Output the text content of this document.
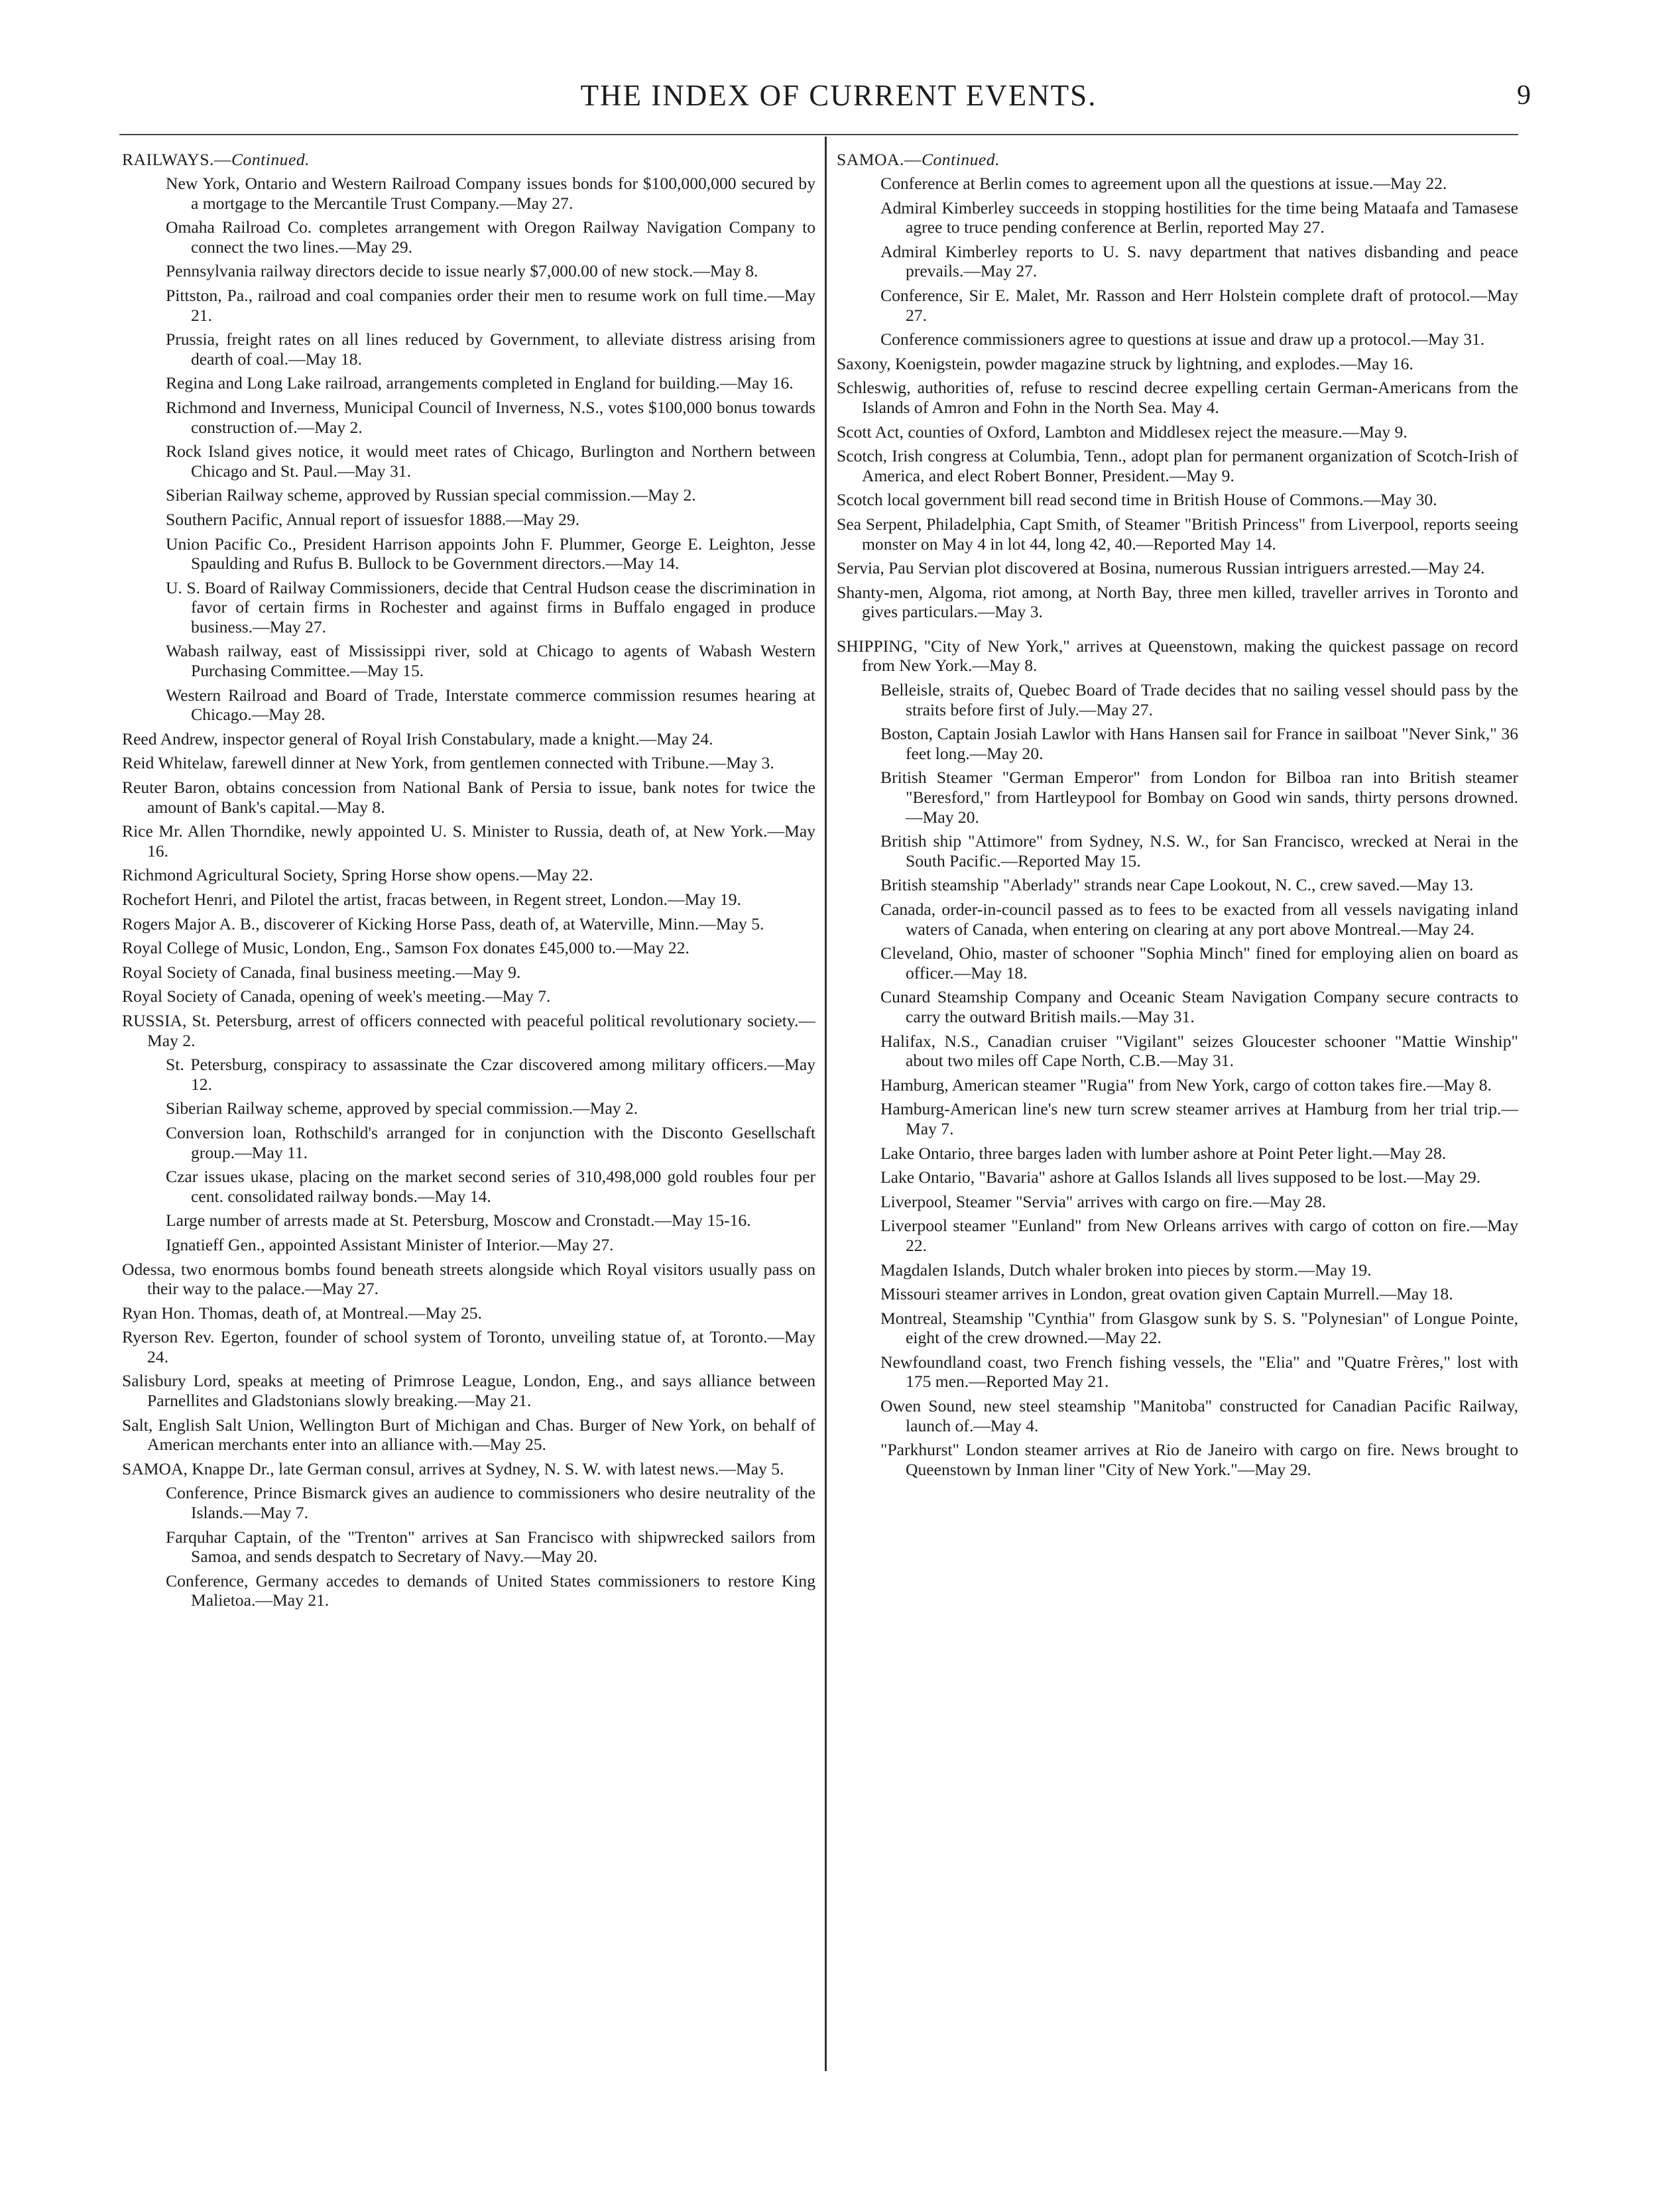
THE INDEX OF CURRENT EVENTS.	9
RAILWAYS.—Continued.

New York, Ontario and Western Railroad Company issues bonds for $100,000,000 secured by a mortgage to the Mercantile Trust Company.—May 27.

Omaha Railroad Co. completes arrangement with Oregon Railway Navigation Company to connect the two lines.—May 29.

Pennsylvania railway directors decide to issue nearly $7,000.00 of new stock.—May 8.

Pittston, Pa., railroad and coal companies order their men to resume work on full time.—May 21.

Prussia, freight rates on all lines reduced by Government, to alleviate distress arising from dearth of coal.—May 18.

Regina and Long Lake railroad, arrangements completed in England for building.—May 16.

Richmond and Inverness, Municipal Council of Inverness, N.S., votes $100,000 bonus towards construction of.—May 2.

Rock Island gives notice, it would meet rates of Chicago, Burlington and Northern between Chicago and St. Paul.—May 31.

Siberian Railway scheme, approved by Russian special commission.—May 2.

Southern Pacific, Annual report of issuesfor 1888.—May 29.

Union Pacific Co., President Harrison appoints John F. Plummer, George E. Leighton, Jesse Spaulding and Rufus B. Bullock to be Government directors.—May 14.

U. S. Board of Railway Commissioners, decide that Central Hudson cease the discrimination in favor of certain firms in Rochester and against firms in Buffalo engaged in produce business.—May 27.

Wabash railway, east of Mississippi river, sold at Chicago to agents of Wabash Western Purchasing Committee.—May 15.

Western Railroad and Board of Trade, Interstate commerce commission resumes hearing at Chicago.—May 28.

Reed Andrew, inspector general of Royal Irish Constabulary, made a knight.—May 24.

Reid Whitelaw, farewell dinner at New York, from gentlemen connected with Tribune.—May 3.

Reuter Baron, obtains concession from National Bank of Persia to issue, bank notes for twice the amount of Bank's capital.—May 8.

Rice Mr. Allen Thorndike, newly appointed U. S. Minister to Russia, death of, at New York.—May 16.

Richmond Agricultural Society, Spring Horse show opens.—May 22.

Rochefort Henri, and Pilotel the artist, fracas between, in Regent street, London.—May 19.

Rogers Major A. B., discoverer of Kicking Horse Pass, death of, at Waterville, Minn.—May 5.

Royal College of Music, London, Eng., Samson Fox donates £45,000 to.—May 22.

Royal Society of Canada, final business meeting.—May 9.

Royal Society of Canada, opening of week's meeting.—May 7.

RUSSIA, St. Petersburg, arrest of officers connected with peaceful political revolutionary society.—May 2.

St. Petersburg, conspiracy to assassinate the Czar discovered among military officers.—May 12.

Siberian Railway scheme, approved by special commission.—May 2.

Conversion loan, Rothschild's arranged for in conjunction with the Disconto Gesellschaft group.—May 11.

Czar issues ukase, placing on the market second series of 310,498,000 gold roubles four per cent. consolidated railway bonds.—May 14.

Large number of arrests made at St. Petersburg, Moscow and Cronstadt.—May 15-16.

Ignatieff Gen., appointed Assistant Minister of Interior.—May 27.

Odessa, two enormous bombs found beneath streets alongside which Royal visitors usually pass on their way to the palace.—May 27.

Ryan Hon. Thomas, death of, at Montreal.—May 25.

Ryerson Rev. Egerton, founder of school system of Toronto, unveiling statue of, at Toronto.—May 24.

Salisbury Lord, speaks at meeting of Primrose League, London, Eng., and says alliance between Parnellites and Gladstonians slowly breaking.—May 21.

Salt, English Salt Union, Wellington Burt of Michigan and Chas. Burger of New York, on behalf of American merchants enter into an alliance with.—May 25.

SAMOA, Knappe Dr., late German consul, arrives at Sydney, N. S. W. with latest news.—May 5.

Conference, Prince Bismarck gives an audience to commissioners who desire neutrality of the Islands.—May 7.

Farquhar Captain, of the "Trenton" arrives at San Francisco with shipwrecked sailors from Samoa, and sends despatch to Secretary of Navy.—May 20.

Conference, Germany accedes to demands of United States commissioners to restore King Malietoa.—May 21.

SAMOA.—Continued.

Conference at Berlin comes to agreement upon all the questions at issue.—May 22.

Admiral Kimberley succeeds in stopping hostilities for the time being Mataafa and Tamasese agree to truce pending conference at Berlin, reported May 27.

Admiral Kimberley reports to U. S. navy department that natives disbanding and peace prevails.—May 27.

Conference, Sir E. Malet, Mr. Rasson and Herr Holstein complete draft of protocol.—May 27.

Conference commissioners agree to questions at issue and draw up a protocol.—May 31.

Saxony, Koenigstein, powder magazine struck by lightning, and explodes.—May 16.

Schleswig, authorities of, refuse to rescind decree expelling certain German-Americans from the Islands of Amron and Fohn in the North Sea. May 4.

Scott Act, counties of Oxford, Lambton and Middlesex reject the measure.—May 9.

Scotch, Irish congress at Columbia, Tenn., adopt plan for permanent organization of Scotch-Irish of America, and elect Robert Bonner, President.—May 9.

Scotch local government bill read second time in British House of Commons.—May 30.

Sea Serpent, Philadelphia, Capt Smith, of Steamer "British Princess" from Liverpool, reports seeing monster on May 4 in lot 44, long 42, 40.—Reported May 14.

Servia, Pau Servian plot discovered at Bosina, numerous Russian intriguers arrested.—May 24.

Shanty-men, Algoma, riot among, at North Bay, three men killed, traveller arrives in Toronto and gives particulars.—May 3.

SHIPPING, "City of New York," arrives at Queenstown, making the quickest passage on record from New York.—May 8.

Belleisle, straits of, Quebec Board of Trade decides that no sailing vessel should pass by the straits before first of July.—May 27.

Boston, Captain Josiah Lawlor with Hans Hansen sail for France in sailboat "Never Sink," 36 feet long.—May 20.

British Steamer "German Emperor" from London for Bilboa ran into British steamer "Beresford," from Hartleypool for Bombay on Good win sands, thirty persons drowned.—May 20.

British ship "Attimore" from Sydney, N.S. W., for San Francisco, wrecked at Nerai in the South Pacific.—Reported May 15.

British steamship "Aberlady" strands near Cape Lookout, N. C., crew saved.—May 13.

Canada, order-in-council passed as to fees to be exacted from all vessels navigating inland waters of Canada, when entering on clearing at any port above Montreal.—May 24.

Cleveland, Ohio, master of schooner "Sophia Minch" fined for employing alien on board as officer.—May 18.

Cunard Steamship Company and Oceanic Steam Navigation Company secure contracts to carry the outward British mails.—May 31.

Halifax, N.S., Canadian cruiser "Vigilant" seizes Gloucester schooner "Mattie Winship" about two miles off Cape North, C.B.—May 31.

Hamburg, American steamer "Rugia" from New York, cargo of cotton takes fire.—May 8.

Hamburg-American line's new turn screw steamer arrives at Hamburg from her trial trip.—May 7.

Lake Ontario, three barges laden with lumber ashore at Point Peter light.—May 28.

Lake Ontario, "Bavaria" ashore at Gallos Islands all lives supposed to be lost.—May 29.

Liverpool, Steamer "Servia" arrives with cargo on fire.—May 28.

Liverpool steamer "Eunland" from New Orleans arrives with cargo of cotton on fire.—May 22.

Magdalen Islands, Dutch whaler broken into pieces by storm.—May 19.

Missouri steamer arrives in London, great ovation given Captain Murrell.—May 18.

Montreal, Steamship "Cynthia" from Glasgow sunk by S. S. "Polynesian" of Longue Pointe, eight of the crew drowned.—May 22.

Newfoundland coast, two French fishing vessels, the "Elia" and "Quatre Frères," lost with 175 men.—Reported May 21.

Owen Sound, new steel steamship "Manitoba" constructed for Canadian Pacific Railway, launch of.—May 4.

"Parkhurst" London steamer arrives at Rio de Janeiro with cargo on fire. News brought to Queenstown by Inman liner "City of New York."—May 29.
